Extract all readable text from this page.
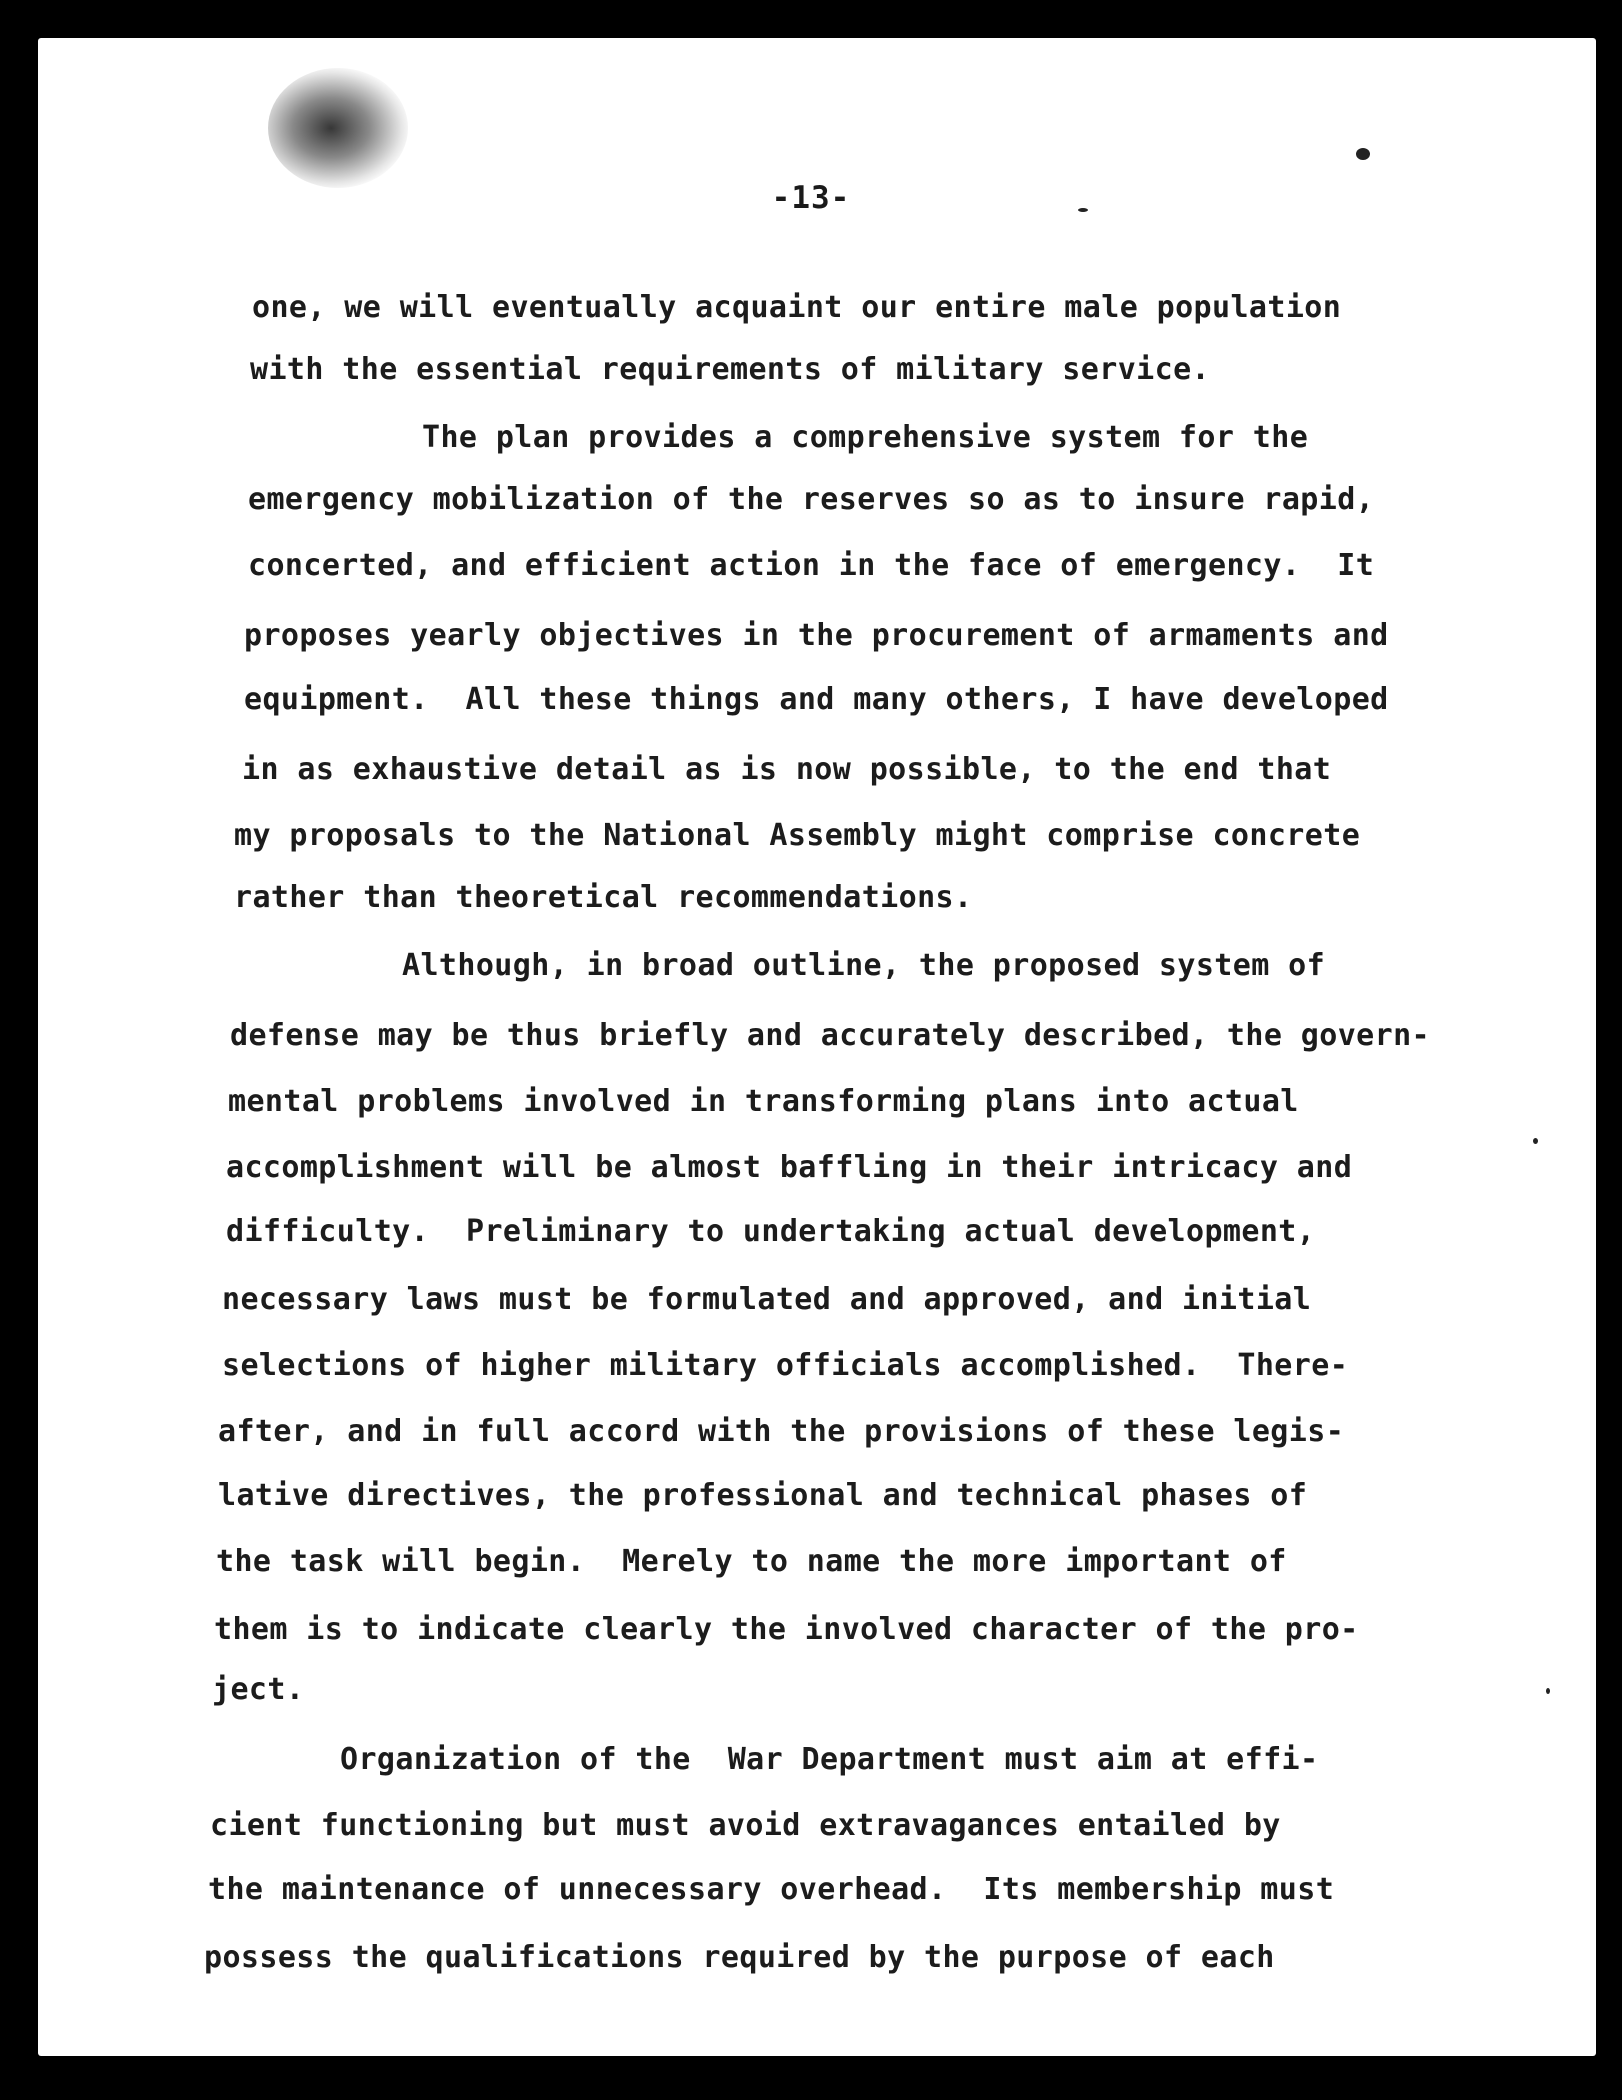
-13-
one, we will eventually acquaint our entire male population
with the essential requirements of military service.
The plan provides a comprehensive system for the
emergency mobilization of the reserves so as to insure rapid,
concerted, and efficient action in the face of emergency.  It
proposes yearly objectives in the procurement of armaments and
equipment.  All these things and many others, I have developed
in as exhaustive detail as is now possible, to the end that
my proposals to the National Assembly might comprise concrete
rather than theoretical recommendations.
Although, in broad outline, the proposed system of
defense may be thus briefly and accurately described, the govern-
mental problems involved in transforming plans into actual
accomplishment will be almost baffling in their intricacy and
difficulty.  Preliminary to undertaking actual development,
necessary laws must be formulated and approved, and initial
selections of higher military officials accomplished.  There-
after, and in full accord with the provisions of these legis-
lative directives, the professional and technical phases of
the task will begin.  Merely to name the more important of
them is to indicate clearly the involved character of the pro-
ject.
Organization of the  War Department must aim at effi-
cient functioning but must avoid extravagances entailed by
the maintenance of unnecessary overhead.  Its membership must
possess the qualifications required by the purpose of each
